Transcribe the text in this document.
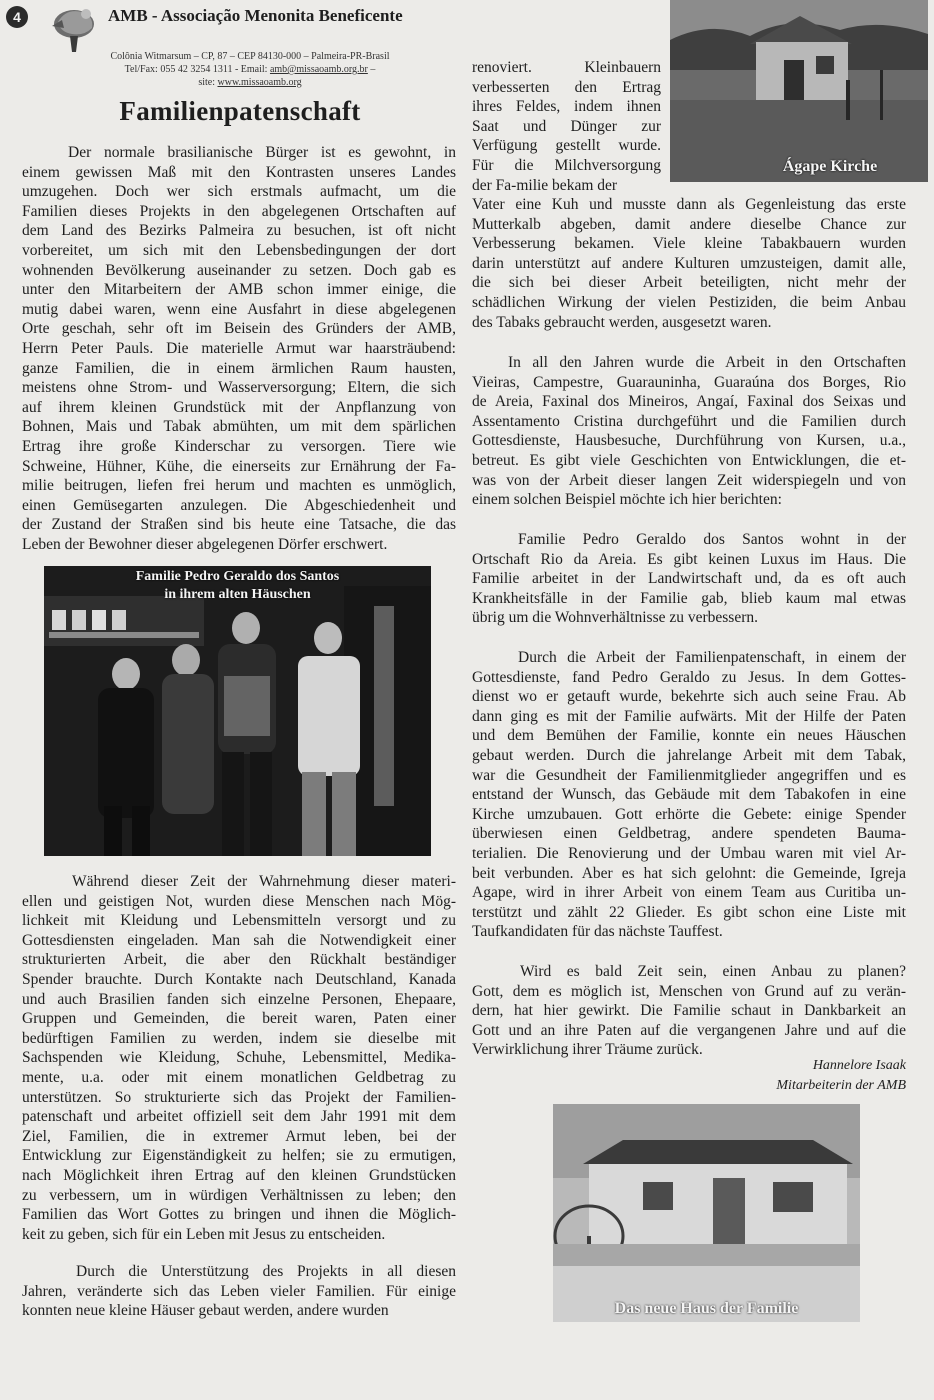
4	AMB - Associação Menonita Beneficente
Colônia Witmarsum – CP, 87 – CEP 84130-000 – Palmeira-PR-Brasil
Tel/Fax: 055 42 3254 1311 - Email: amb@missaoamb.org.br –
site: www.missaoamb.org
Familienpatenschaft
Der normale brasilianische Bürger ist es gewohnt, in
einem gewissen Maß mit den Kontrasten unseres Landes
umzugehen. Doch wer sich erstmals aufmacht, um die
Familien dieses Projekts in den abgelegenen Ortschaften auf
dem Land des Bezirks Palmeira zu besuchen, ist oft nicht
vorbereitet, um sich mit den Lebensbedingungen der dort
wohnenden Bevölkerung auseinander zu setzen. Doch gab es
unter den Mitarbeitern der AMB schon immer einige, die
mutig dabei waren, wenn eine Ausfahrt in diese abgelegenen
Orte geschah, sehr oft im Beisein des Gründers der AMB,
Herrn Peter Pauls. Die materielle Armut war haarsträubend:
ganze Familien, die in einem ärmlichen Raum hausten,
meistens ohne Strom- und Wasserversorgung; Eltern, die sich
auf ihrem kleinen Grundstück mit der Anpflanzung von
Bohnen, Mais und Tabak abmühten, um mit dem spärlichen
Ertrag ihre große Kinderschar zu versorgen. Tiere wie
Schweine, Hühner, Kühe, die einerseits zur Ernährung der Fa-
milie beitrugen, liefen frei herum und machten es unmöglich,
einen Gemüsegarten anzulegen. Die Abgeschiedenheit und
der Zustand der Straßen sind bis heute eine Tatsache, die das
Leben der Bewohner dieser abgelegenen Dörfer erschwert.
Familie Pedro Geraldo dos Santos
in ihrem alten Häuschen
Während dieser Zeit der Wahrnehmung dieser materi-
ellen und geistigen Not, wurden diese Menschen nach Mög-
lichkeit mit Kleidung und Lebensmitteln versorgt und zu
Gottesdiensten eingeladen. Man sah die Notwendigkeit einer
strukturierten Arbeit, die aber den Rückhalt beständiger
Spender brauchte. Durch Kontakte nach Deutschland, Kanada
und auch Brasilien fanden sich einzelne Personen, Ehepaare,
Gruppen und Gemeinden, die bereit waren, Paten einer
bedürftigen Familien zu werden, indem sie dieselbe mit
Sachspenden wie Kleidung, Schuhe, Lebensmittel, Medika-
mente, u.a. oder mit einem monatlichen Geldbetrag zu
unterstützen. So strukturierte sich das Projekt der Familien-
patenschaft und arbeitet offiziell seit dem Jahr 1991 mit dem
Ziel, Familien, die in extremer Armut leben, bei der
Entwicklung zur Eigenständigkeit zu helfen; sie zu ermutigen,
nach Möglichkeit ihren Ertrag auf den kleinen Grundstücken
zu verbessern, um in würdigen Verhältnissen zu leben; den
Familien das Wort Gottes zu bringen und ihnen die Möglich-
keit zu geben, sich für ein Leben mit Jesus zu entscheiden.
Durch die Unterstützung des Projekts in all diesen
Jahren, veränderte sich das Leben vieler Familien. Für einige
konnten neue kleine Häuser gebaut werden, andere wurden
Ágape Kirche
renoviert. Kleinbauern
verbesserten den Ertrag
ihres Feldes, indem ihnen
Saat und Dünger zur
Verfügung gestellt wurde.
Für die Milchversorgung
der Fa-milie bekam der
Vater eine Kuh und musste dann als Gegenleistung das erste
Mutterkalb abgeben, damit andere dieselbe Chance zur
Verbesserung bekamen. Viele kleine Tabakbauern wurden
darin unterstützt auf andere Kulturen umzusteigen, damit alle,
die sich bei dieser Arbeit beteiligten, nicht mehr der
schädlichen Wirkung der vielen Pestiziden, die beim Anbau
des Tabaks gebraucht werden, ausgesetzt waren.
In all den Jahren wurde die Arbeit in den Ortschaften
Vieiras, Campestre, Guarauninha, Guaraúna dos Borges, Rio
de Areia, Faxinal dos Mineiros, Angaí, Faxinal dos Seixas und
Assentamento Cristina durchgeführt und die Familien durch
Gottesdienste, Hausbesuche, Durchführung von Kursen, u.a.,
betreut. Es gibt viele Geschichten von Entwicklungen, die et-
was von der Arbeit dieser langen Zeit widerspiegeln und von
einem solchen Beispiel möchte ich hier berichten:
Familie Pedro Geraldo dos Santos wohnt in der
Ortschaft Rio da Areia. Es gibt keinen Luxus im Haus. Die
Familie arbeitet in der Landwirtschaft und, da es oft auch
Krankheitsfälle in der Familie gab, blieb kaum mal etwas
übrig um die Wohnverhältnisse zu verbessern.
Durch die Arbeit der Familienpatenschaft, in einem der
Gottesdienste, fand Pedro Geraldo zu Jesus. In dem Gottes-
dienst wo er getauft wurde, bekehrte sich auch seine Frau. Ab
dann ging es mit der Familie aufwärts. Mit der Hilfe der Paten
und dem Bemühen der Familie, konnte ein neues Häuschen
gebaut werden. Durch die jahrelange Arbeit mit dem Tabak,
war die Gesundheit der Familienmitglieder angegriffen und es
entstand der Wunsch, das Gebäude mit dem Tabakofen in eine
Kirche umzubauen. Gott erhörte die Gebete: einige Spender
überwiesen einen Geldbetrag, andere spendeten Bauma-
terialien. Die Renovierung und der Umbau waren mit viel Ar-
beit verbunden. Aber es hat sich gelohnt: die Gemeinde, Igreja
Agape, wird in ihrer Arbeit von einem Team aus Curitiba un-
terstützt und zählt 22 Glieder. Es gibt schon eine Liste mit
Taufkandidaten für das nächste Tauffest.
Wird es bald Zeit sein, einen Anbau zu planen?
Gott, dem es möglich ist, Menschen von Grund auf zu verän-
dern, hat hier gewirkt. Die Familie schaut in Dankbarkeit an
Gott und an ihre Paten auf die vergangenen Jahre und auf die
Verwirklichung ihrer Träume zurück.
Hannelore Isaak
Mitarbeiterin der AMB
Das neue Haus der Familie
